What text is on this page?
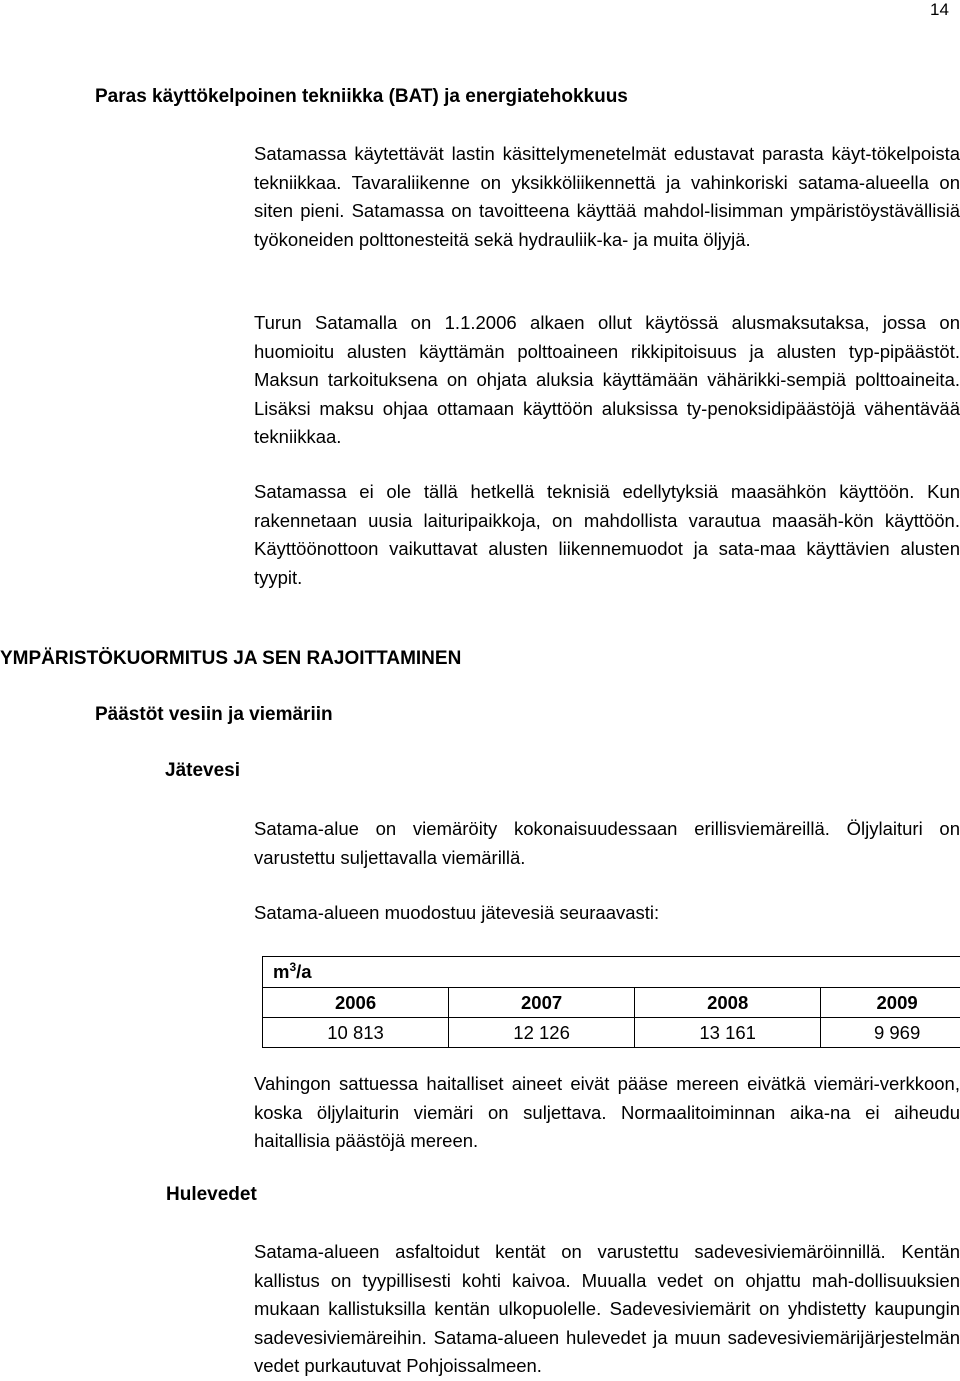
14
Paras käyttökelpoinen tekniikka (BAT) ja energiatehokkuus

Satamassa käytettävät lastin käsittelymenetelmät edustavat parasta käyt-tökelpoista tekniikkaa. Tavaraliikenne on yksikköliikennettä ja vahinkoriski satama-alueella on siten pieni. Satamassa on tavoitteena käyttää mahdol-lisimman ympäristöystävällisiä työkoneiden polttonesteitä sekä hydrauliik-ka- ja muita öljyjä.

Turun Satamalla on 1.1.2006 alkaen ollut käytössä alusmaksutaksa, jossa on huomioitu alusten käyttämän polttoaineen rikkipitoisuus ja alusten typ-pipäästöt. Maksun tarkoituksena on ohjata aluksia käyttämään vähärikki-sempiä polttoaineita. Lisäksi maksu ohjaa ottamaan käyttöön aluksissa ty-penoksidipäästöjä vähentävää tekniikkaa.

Satamassa ei ole tällä hetkellä teknisiä edellytyksiä maasähkön käyttöön. Kun rakennetaan uusia laituripaikkoja, on mahdollista varautua maasäh-kön käyttöön. Käyttöönottoon vaikuttavat alusten liikennemuodot ja sata-maa käyttävien alusten tyypit.

YMPÄRISTÖKUORMITUS JA SEN RAJOITTAMINEN
Päästöt vesiin ja viemäriin
Jätevesi

Satama-alue on viemäröity kokonaisuudessaan erillisviemäreillä. Öljylaituri on varustettu suljettavalla viemärillä.

Satama-alueen muodostuu jätevesiä seuraavasti:

$m^3/a$			
2006	2007	2008	2009
10 813	12 126	13 161	9 969

Vahingon sattuessa haitalliset aineet eivät pääse mereen eivätkä viemäri-verkkoon, koska öljylaiturin viemäri on suljettava. Normaalitoiminnan aika-na ei aiheudu haitallisia päästöjä mereen.

Hulevedet

Satama-alueen asfaltoidut kentät on varustettu sadevesiviemäröinnillä. Kentän kallistus on tyypillisesti kohti kaivoa. Muualla vedet on ohjattu mah-dollisuuksien mukaan kallistuksilla kentän ulkopuolelle. Sadevesiviemärit on yhdistetty kaupungin sadevesiviemäreihin. Satama-alueen hulevedet ja muun sadevesiviemärijärjestelmän vedet purkautuvat Pohjoissalmeen.
